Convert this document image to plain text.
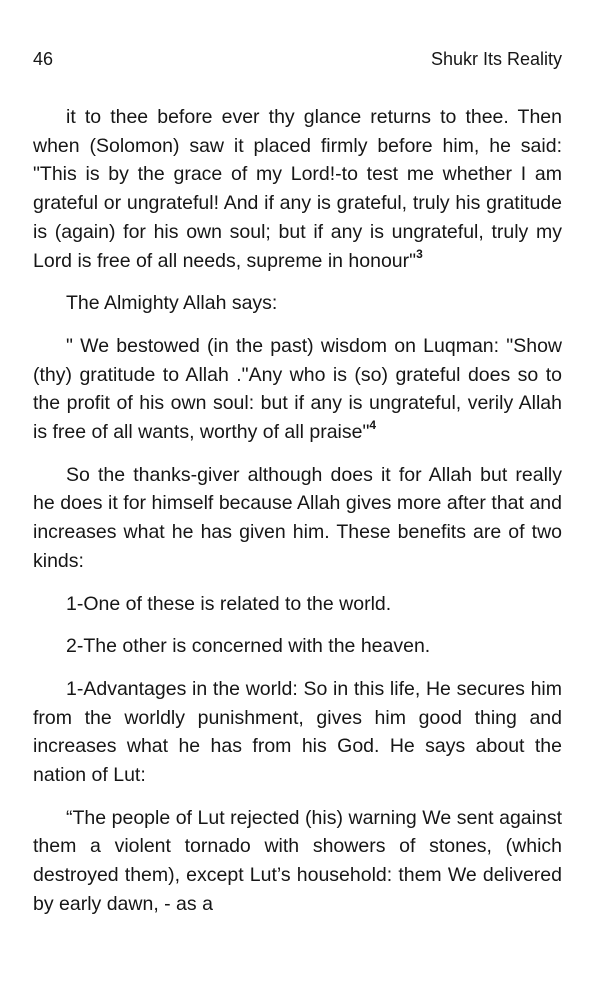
46	Shukr Its Reality

it to thee before ever thy glance returns to thee. Then when (Solomon) saw it placed firmly before him, he said: "This is by the grace of my Lord!-to test me whether I am grateful or ungrateful! And if any is grateful, truly his gratitude is (again) for his own soul; but if any is ungrateful, truly my Lord is free of all needs, supreme in honour"$^3$

The Almighty Allah says:

" We bestowed (in the past) wisdom on Luqman: "Show (thy) gratitude to Allah ."Any who is (so) grateful does so to the profit of his own soul: but if any is ungrateful, verily Allah is free of all wants, worthy of all praise"$^4$

So the thanks-giver although does it for Allah but really he does it for himself because Allah gives more after that and increases what he has given him. These benefits are of two kinds:

1-One of these is related to the world.

2-The other is concerned with the heaven.

1-Advantages in the world: So in this life, He secures him from the worldly punishment, gives him good thing and increases what he has from his God. He says about the nation of Lut:

“The people of Lut rejected (his) warning We sent against them a violent tornado with showers of stones, (which destroyed them), except Lut’s household: them We delivered by early dawn, - as a
